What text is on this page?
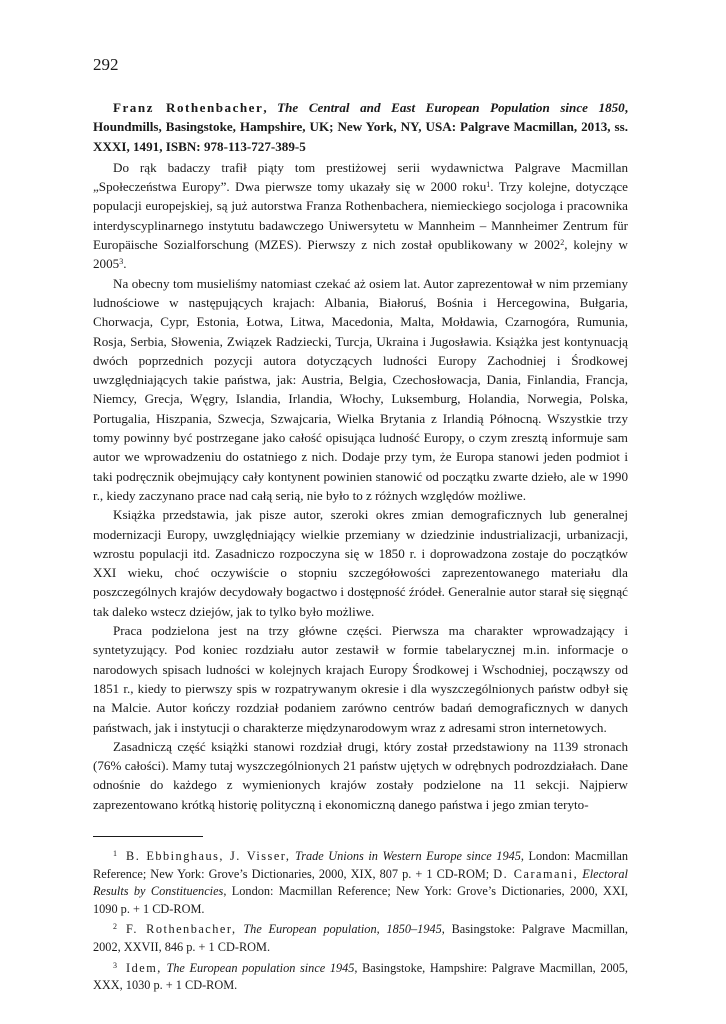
292
Franz Rothenbacher, The Central and East European Population since 1850, Houndmills, Basingstoke, Hampshire, UK; New York, NY, USA: Palgrave Macmillan, 2013, ss. XXXI, 1491, ISBN: 978-113-727-389-5

Do rąk badaczy trafił piąty tom prestiżowej serii wydawnictwa Palgrave Macmillan „Społeczeństwa Europy”. Dwa pierwsze tomy ukazały się w 2000 roku$^1$. Trzy kolejne, dotyczące populacji europejskiej, są już autorstwa Franza Rothenbachera, niemieckiego socjologa i pracownika interdyscyplinarnego instytutu badawczego Uniwersytetu w Mannheim – Mannheimer Zentrum für Europäische Sozialforschung (MZES). Pierwszy z nich został opublikowany w 2002$^2$, kolejny w 2005$^3$.

Na obecny tom musieliśmy natomiast czekać aż osiem lat. Autor zaprezentował w nim przemiany ludnościowe w następujących krajach: Albania, Białoruś, Bośnia i Hercegowina, Bułgaria, Chorwacja, Cypr, Estonia, Łotwa, Litwa, Macedonia, Malta, Mołdawia, Czarnogóra, Rumunia, Rosja, Serbia, Słowenia, Związek Radziecki, Turcja, Ukraina i Jugosławia. Książka jest kontynuacją dwóch poprzednich pozycji autora dotyczących ludności Europy Zachodniej i Środkowej uwzględniających takie państwa, jak: Austria, Belgia, Czechosłowacja, Dania, Finlandia, Francja, Niemcy, Grecja, Węgry, Islandia, Irlandia, Włochy, Luksemburg, Holandia, Norwegia, Polska, Portugalia, Hiszpania, Szwecja, Szwajcaria, Wielka Brytania z Irlandią Północną. Wszystkie trzy tomy powinny być postrzegane jako całość opisująca ludność Europy, o czym zresztą informuje sam autor we wprowadzeniu do ostatniego z nich. Dodaje przy tym, że Europa stanowi jeden podmiot i taki podręcznik obejmujący cały kontynent powinien stanowić od początku zwarte dzieło, ale w 1990 r., kiedy zaczynano prace nad całą serią, nie było to z różnych względów możliwe.

Książka przedstawia, jak pisze autor, szeroki okres zmian demograficznych lub generalnej modernizacji Europy, uwzględniający wielkie przemiany w dziedzinie industrializacji, urbanizacji, wzrostu populacji itd. Zasadniczo rozpoczyna się w 1850 r. i doprowadzona zostaje do początków XXI wieku, choć oczywiście o stopniu szczegółowości zaprezentowanego materiału dla poszczególnych krajów decydowały bogactwo i dostępność źródeł. Generalnie autor starał się sięgnąć tak daleko wstecz dziejów, jak to tylko było możliwe.

Praca podzielona jest na trzy główne części. Pierwsza ma charakter wprowadzający i syntetyzujący. Pod koniec rozdziału autor zestawił w formie tabelarycznej m.in. informacje o narodowych spisach ludności w kolejnych krajach Europy Środkowej i Wschodniej, począwszy od 1851 r., kiedy to pierwszy spis w rozpatrywanym okresie i dla wyszczególnionych państw odbył się na Malcie. Autor kończy rozdział podaniem zarówno centrów badań demograficznych w danych państwach, jak i instytucji o charakterze międzynarodowym wraz z adresami stron internetowych.

Zasadniczą część książki stanowi rozdział drugi, który został przedstawiony na 1139 stronach (76% całości). Mamy tutaj wyszczególnionych 21 państw ujętych w odrębnych podrozdziałach. Dane odnośnie do każdego z wymienionych krajów zostały podzielone na 11 sekcji. Najpierw zaprezentowano krótką historię polityczną i ekonomiczną danego państwa i jego zmian teryto-

$^1$ B. Ebbinghaus, J. Visser, Trade Unions in Western Europe since 1945, London: Macmillan Reference; New York: Grove’s Dictionaries, 2000, XIX, 807 p. + 1 CD-ROM; D. Caramani, Electoral Results by Constituencies, London: Macmillan Reference; New York: Grove’s Dictionaries, 2000, XXI, 1090 p. + 1 CD-ROM.

$^2$ F. Rothenbacher, The European population, 1850–1945, Basingstoke: Palgrave Macmillan, 2002, XXVII, 846 p. + 1 CD-ROM.

$^3$ Idem, The European population since 1945, Basingstoke, Hampshire: Palgrave Macmillan, 2005, XXX, 1030 p. + 1 CD-ROM.
